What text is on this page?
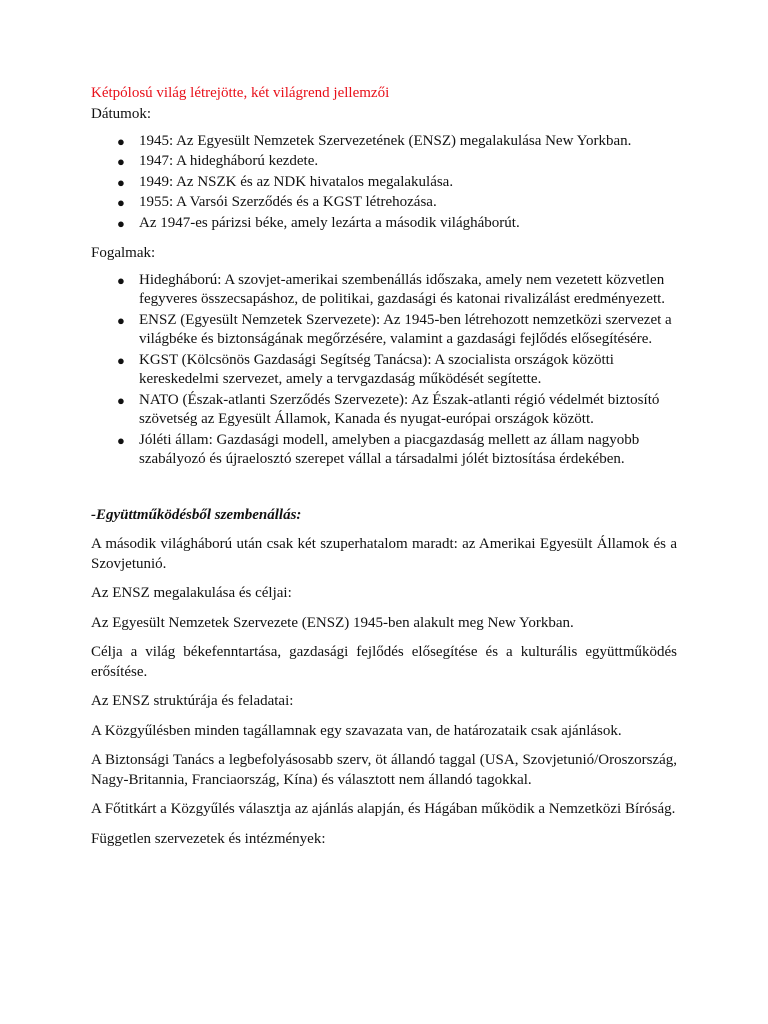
Kétpólosú világ létrejötte, két világrend jellemzői

Dátumok:

● 1945: Az Egyesült Nemzetek Szervezetének (ENSZ) megalakulása New Yorkban.
● 1947: A hidegháború kezdete.
● 1949: Az NSZK és az NDK hivatalos megalakulása.
● 1955: A Varsói Szerződés és a KGST létrehozása.
● Az 1947-es párizsi béke, amely lezárta a második világháborút.

Fogalmak:

● Hidegháború: A szovjet-amerikai szembenállás időszaka, amely nem vezetett közvetlen fegyveres összecsapáshoz, de politikai, gazdasági és katonai rivalizálást eredményezett.
● ENSZ (Egyesült Nemzetek Szervezete): Az 1945-ben létrehozott nemzetközi szervezet a világbéke és biztonságának megőrzésére, valamint a gazdasági fejlődés elősegítésére.
● KGST (Kölcsönös Gazdasági Segítség Tanácsa): A szocialista országok közötti kereskedelmi szervezet, amely a tervgazdaság működését segítette.
● NATO (Észak-atlanti Szerződés Szervezete): Az Észak-atlanti régió védelmét biztosító szövetség az Egyesült Államok, Kanada és nyugat-európai országok között.
● Jóléti állam: Gazdasági modell, amelyben a piacgazdaság mellett az állam nagyobb szabályozó és újraelosztó szerepet vállal a társadalmi jólét biztosítása érdekében.

-Együttműködésből szembenállás:

A második világháború után csak két szuperhatalom maradt: az Amerikai Egyesült Államok és a Szovjetunió.

Az ENSZ megalakulása és céljai:

Az Egyesült Nemzetek Szervezete (ENSZ) 1945-ben alakult meg New Yorkban.

Célja a világ békefenntartása, gazdasági fejlődés elősegítése és a kulturális együttműködés erősítése.

Az ENSZ struktúrája és feladatai:

A Közgyűlésben minden tagállamnak egy szavazata van, de határozataik csak ajánlások.

A Biztonsági Tanács a legbefolyásosabb szerv, öt állandó taggal (USA, Szovjetunió/Oroszország, Nagy-Britannia, Franciaország, Kína) és választott nem állandó tagokkal.

A Főtitkárt a Közgyűlés választja az ajánlás alapján, és Hágában működik a Nemzetközi Bíróság.

Független szervezetek és intézmények:
